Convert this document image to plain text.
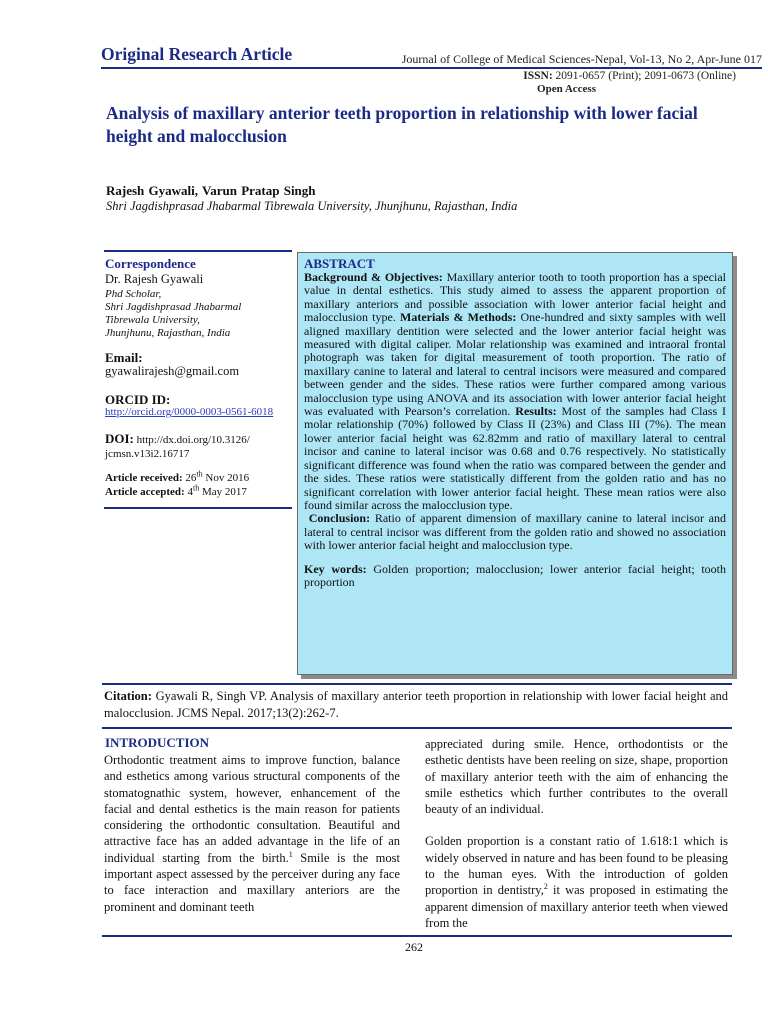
Original Research Article	Journal of College of Medical Sciences-Nepal, Vol-13, No 2, Apr-June 017
ISSN: 2091-0657 (Print); 2091-0673 (Online)
Open Access
Analysis of maxillary anterior teeth proportion in relationship with lower facial height and malocclusion
Rajesh Gyawali, Varun Pratap Singh
Shri Jagdishprasad Jhabarmal Tibrewala University, Jhunjhunu, Rajasthan, India
Correspondence
Dr. Rajesh Gyawali
Phd Scholar,
Shri Jagdishprasad Jhabarmal
Tibrewala University,
Jhunjhunu, Rajasthan, India
Email:
gyawalirajesh@gmail.com
ORCID ID:
http://orcid.org/0000-0003-0561-6018
DOI: http://dx.doi.org/10.3126/ jcmsn.v13i2.16717
Article received: 26th Nov 2016
Article accepted: 4th May 2017
ABSTRACT
Background & Objectives: Maxillary anterior tooth to tooth proportion has a special value in dental esthetics. This study aimed to assess the apparent proportion of maxillary anteriors and possible association with lower anterior facial height and malocclusion type. Materials & Methods: One-hundred and sixty samples with well aligned maxillary dentition were selected and the lower anterior facial height was measured with digital caliper. Molar relationship was examined and intraoral frontal photograph was taken for digital measurement of tooth proportion. The ratio of maxillary canine to lateral and lateral to central incisors were measured and compared between gender and the sides. These ratios were further compared among various malocclusion type using ANOVA and its association with lower anterior facial height was evaluated with Pearson’s correlation. Results: Most of the samples had Class I molar relationship (70%) followed by Class II (23%) and Class III (7%). The mean lower anterior facial height was 62.82mm and ratio of maxillary lateral to central incisor and canine to lateral incisor was 0.68 and 0.76 respectively. No statistically significant difference was found when the ratio was compared between the gender and the sides. These ratios were statistically different from the golden ratio and has no significant correlation with lower anterior facial height. These mean ratios were also found similar across the malocclusion type.
Conclusion: Ratio of apparent dimension of maxillary canine to lateral incisor and lateral to central incisor was different from the golden ratio and showed no association with lower anterior facial height and malocclusion type.
Key words: Golden proportion; malocclusion; lower anterior facial height; tooth proportion
Citation: Gyawali R, Singh VP. Analysis of maxillary anterior teeth proportion in relationship with lower facial height and malocclusion. JCMS Nepal. 2017;13(2):262-7.
INTRODUCTION
Orthodontic treatment aims to improve function, balance and esthetics among various structural components of the stomatognathic system, however, enhancement of the facial and dental esthetics is the main reason for patients considering the orthodontic consultation. Beautiful and attractive face has an added advantage in the life of an individual starting from the birth.$^1$ Smile is the most important aspect assessed by the perceiver during any face to face interaction and maxillary anteriors are the prominent and dominant teeth

appreciated during smile. Hence, orthodontists or the esthetic dentists have been reeling on size, shape, proportion of maxillary anterior teeth with the aim of enhancing the smile esthetics which further contributes to the overall beauty of an individual.

Golden proportion is a constant ratio of 1.618:1 which is widely observed in nature and has been found to be pleasing to the human eyes. With the introduction of golden proportion in dentistry,$^2$ it was proposed in estimating the apparent dimension of maxillary anterior teeth when viewed from the

262
